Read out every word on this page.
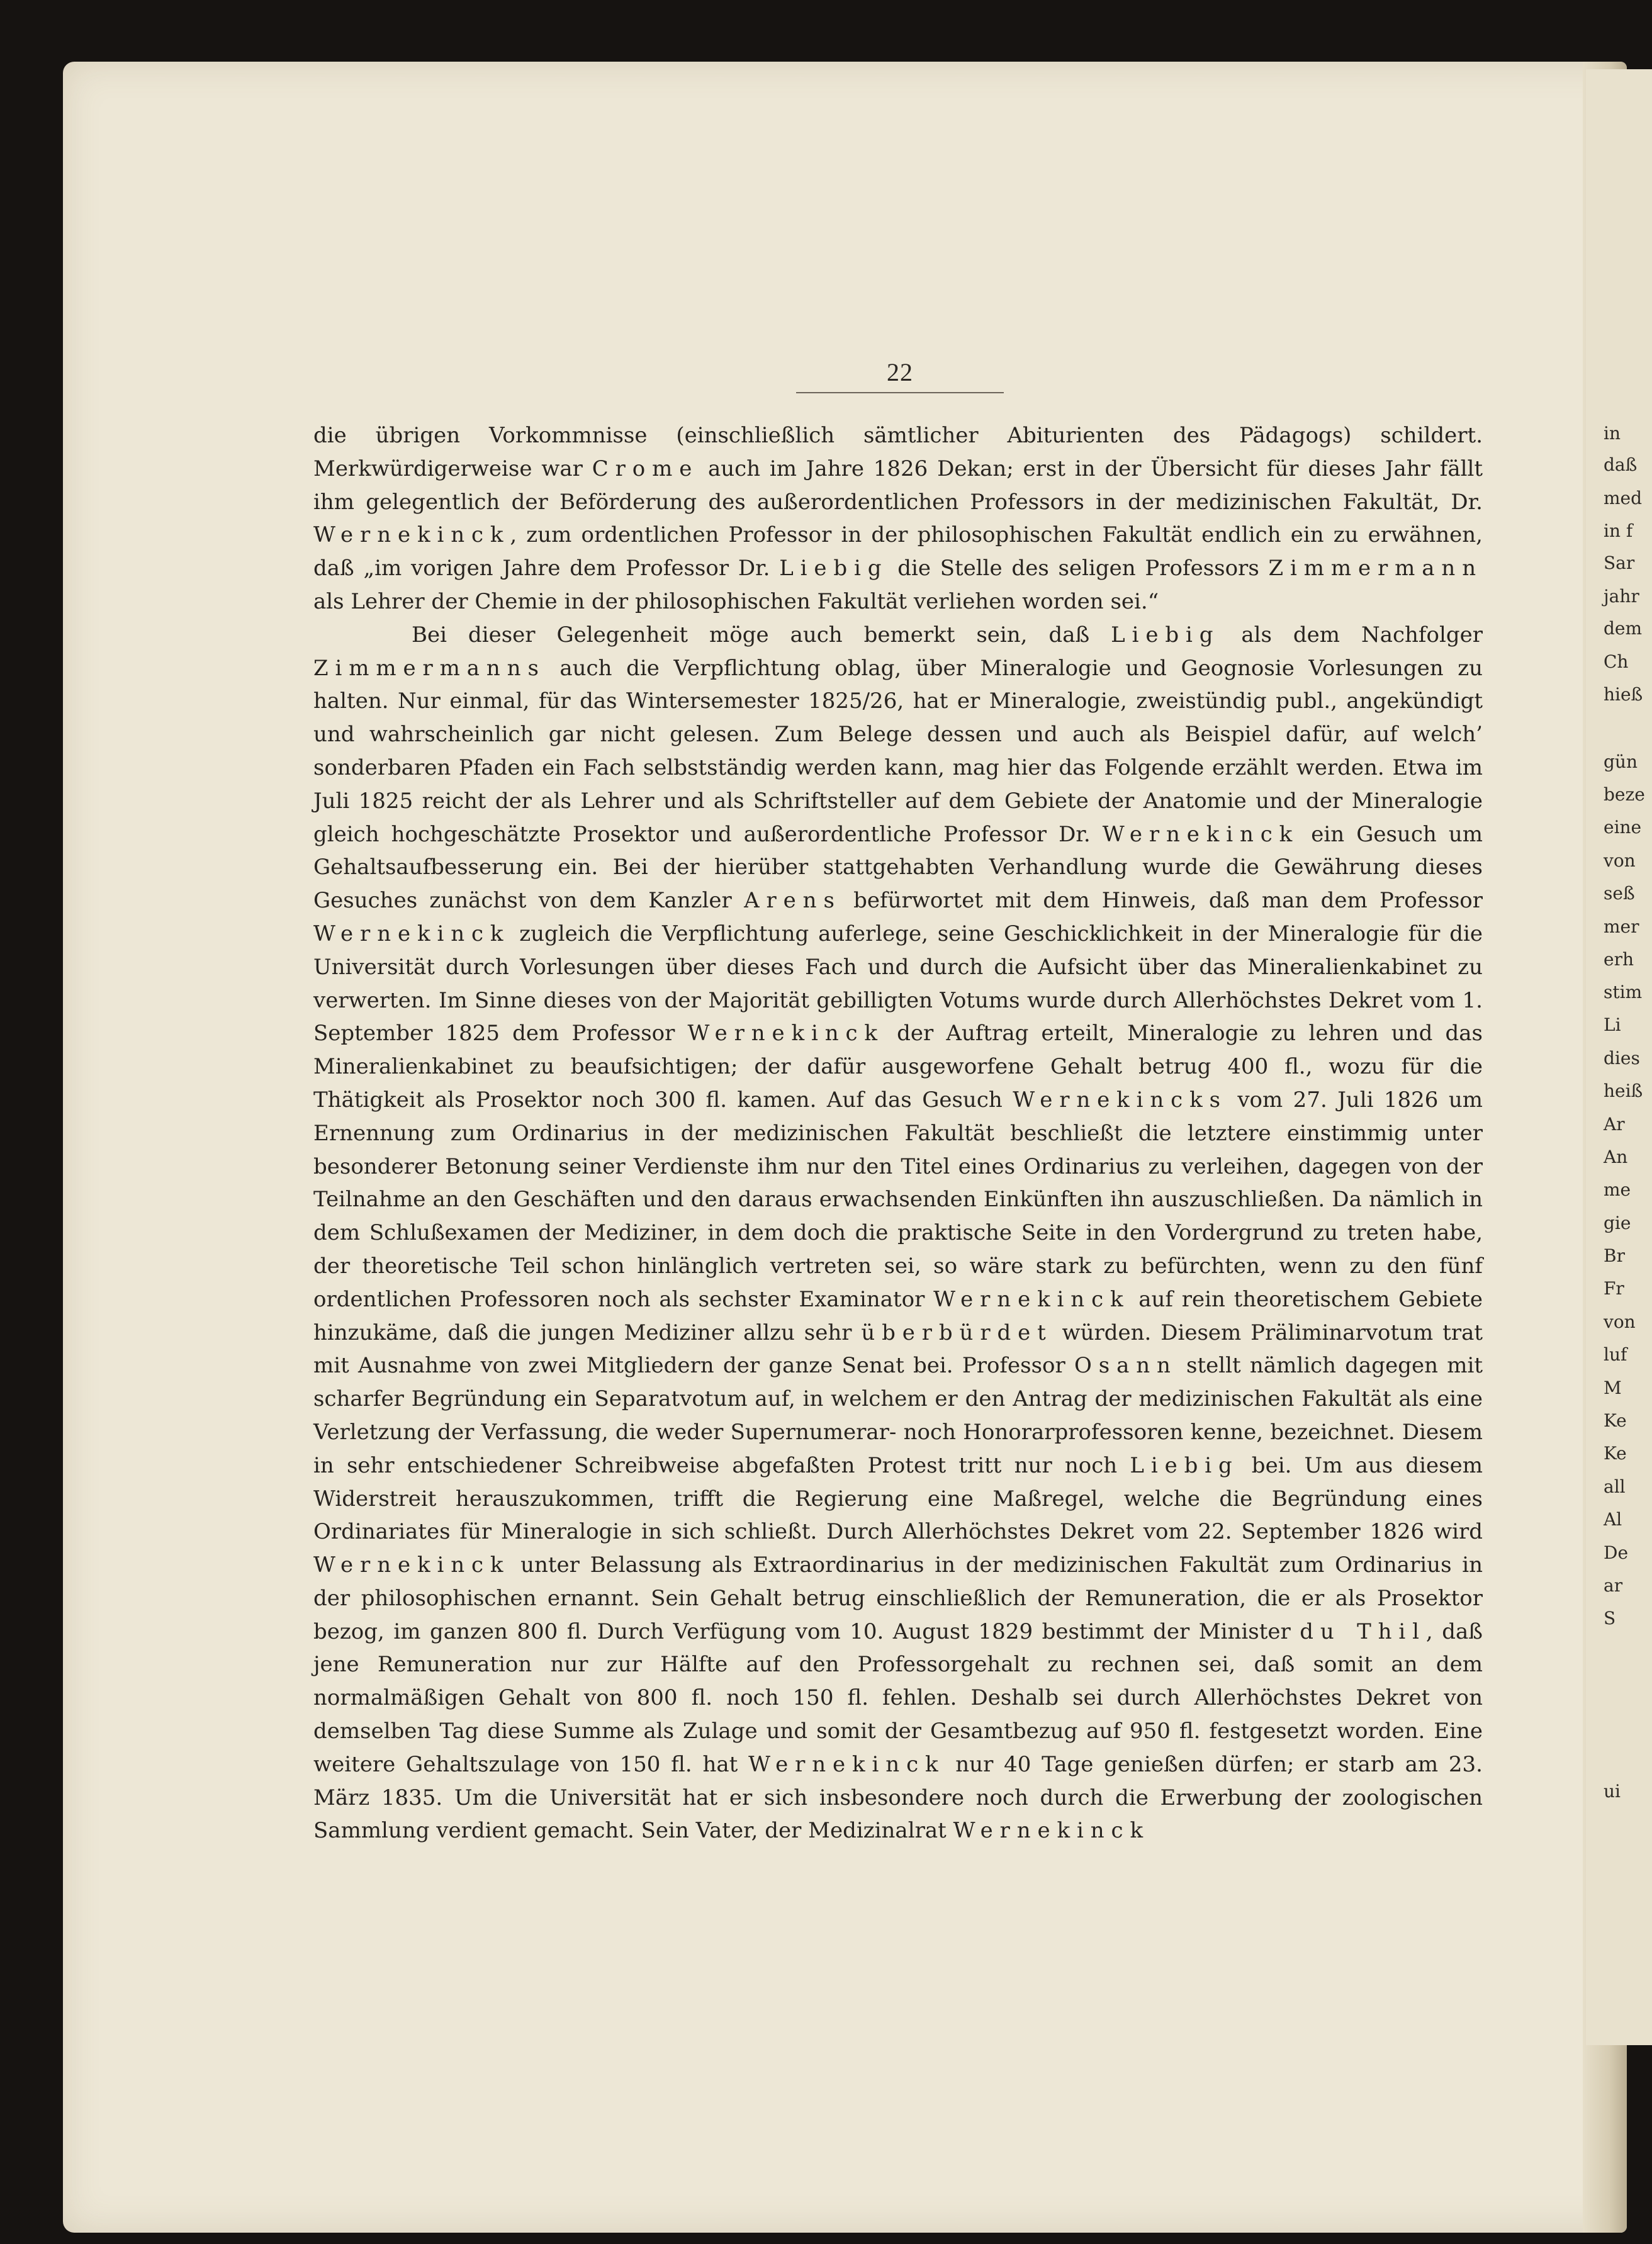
in
daß
med
in f
Sar
jahr
dem
Ch
hieß
gün
beze
eine
von
seß
mer
erh
stim
Li
dies
heiß
Ar
An
me
gie
Br
Fr
von
luf
M
Ke
Ke
all
Al
De
ar
S
ui
22

die übrigen Vorkommnisse (einschließlich sämtlicher Abiturienten des Pädagogs) schildert. Merkwürdigerweise war Crome auch im Jahre 1826 Dekan; erst in der Übersicht für dieses Jahr fällt ihm gelegentlich der Beförderung des außerordentlichen Professors in der medizinischen Fakultät, Dr. Wernekinck, zum ordentlichen Professor in der philosophischen Fakultät endlich ein zu erwähnen, daß „im vorigen Jahre dem Professor Dr. Liebig die Stelle des seligen Professors Zimmermann als Lehrer der Chemie in der philosophischen Fakultät verliehen worden sei.“

Bei dieser Gelegenheit möge auch bemerkt sein, daß Liebig als dem Nachfolger Zimmermanns auch die Verpflichtung oblag, über Mineralogie und Geognosie Vorlesungen zu halten. Nur einmal, für das Wintersemester 1825/26, hat er Mineralogie, zweistündig publ., angekündigt und wahrscheinlich gar nicht gelesen. Zum Belege dessen und auch als Beispiel dafür, auf welch’ sonderbaren Pfaden ein Fach selbstständig werden kann, mag hier das Folgende erzählt werden. Etwa im Juli 1825 reicht der als Lehrer und als Schriftsteller auf dem Gebiete der Anatomie und der Mineralogie gleich hochgeschätzte Prosektor und außerordentliche Professor Dr. Wernekinck ein Gesuch um Gehaltsaufbesserung ein. Bei der hierüber stattgehabten Verhandlung wurde die Gewährung dieses Gesuches zunächst von dem Kanzler Arens befürwortet mit dem Hinweis, daß man dem Professor Wernekinck zugleich die Verpflichtung auferlege, seine Geschicklichkeit in der Mineralogie für die Universität durch Vorlesungen über dieses Fach und durch die Aufsicht über das Mineralienkabinet zu verwerten. Im Sinne dieses von der Majorität gebilligten Votums wurde durch Allerhöchstes Dekret vom 1. September 1825 dem Professor Wernekinck der Auftrag erteilt, Mineralogie zu lehren und das Mineralienkabinet zu beaufsichtigen; der dafür ausgeworfene Gehalt betrug 400 fl., wozu für die Thätigkeit als Prosektor noch 300 fl. kamen. Auf das Gesuch Wernekincks vom 27. Juli 1826 um Ernennung zum Ordinarius in der medizinischen Fakultät beschließt die letztere einstimmig unter besonderer Betonung seiner Verdienste ihm nur den Titel eines Ordinarius zu verleihen, dagegen von der Teilnahme an den Geschäften und den daraus erwachsenden Einkünften ihn auszuschließen. Da nämlich in dem Schlußexamen der Mediziner, in dem doch die praktische Seite in den Vordergrund zu treten habe, der theoretische Teil schon hinlänglich vertreten sei, so wäre stark zu befürchten, wenn zu den fünf ordentlichen Professoren noch als sechster Examinator Wernekinck auf rein theoretischem Gebiete hinzukäme, daß die jungen Mediziner allzu sehr überbürdet würden. Diesem Präliminarvotum trat mit Ausnahme von zwei Mitgliedern der ganze Senat bei. Professor Osann stellt nämlich dagegen mit scharfer Begründung ein Separatvotum auf, in welchem er den Antrag der medizinischen Fakultät als eine Verletzung der Verfassung, die weder Supernumerar- noch Honorarprofessoren kenne, bezeichnet. Diesem in sehr entschiedener Schreibweise abgefaßten Protest tritt nur noch Liebig bei. Um aus diesem Widerstreit herauszukommen, trifft die Regierung eine Maßregel, welche die Begründung eines Ordinariates für Mineralogie in sich schließt. Durch Allerhöchstes Dekret vom 22. September 1826 wird Wernekinck unter Belassung als Extraordinarius in der medizinischen Fakultät zum Ordinarius in der philosophischen ernannt. Sein Gehalt betrug einschließlich der Remuneration, die er als Prosektor bezog, im ganzen 800 fl. Durch Verfügung vom 10. August 1829 bestimmt der Minister du Thil, daß jene Remuneration nur zur Hälfte auf den Professorgehalt zu rechnen sei, daß somit an dem normalmäßigen Gehalt von 800 fl. noch 150 fl. fehlen. Deshalb sei durch Allerhöchstes Dekret von demselben Tag diese Summe als Zulage und somit der Gesamtbezug auf 950 fl. festgesetzt worden. Eine weitere Gehaltszulage von 150 fl. hat Wernekinck nur 40 Tage genießen dürfen; er starb am 23. März 1835. Um die Universität hat er sich insbesondere noch durch die Erwerbung der zoologischen Sammlung verdient gemacht. Sein Vater, der Medizinalrat Wernekinck
